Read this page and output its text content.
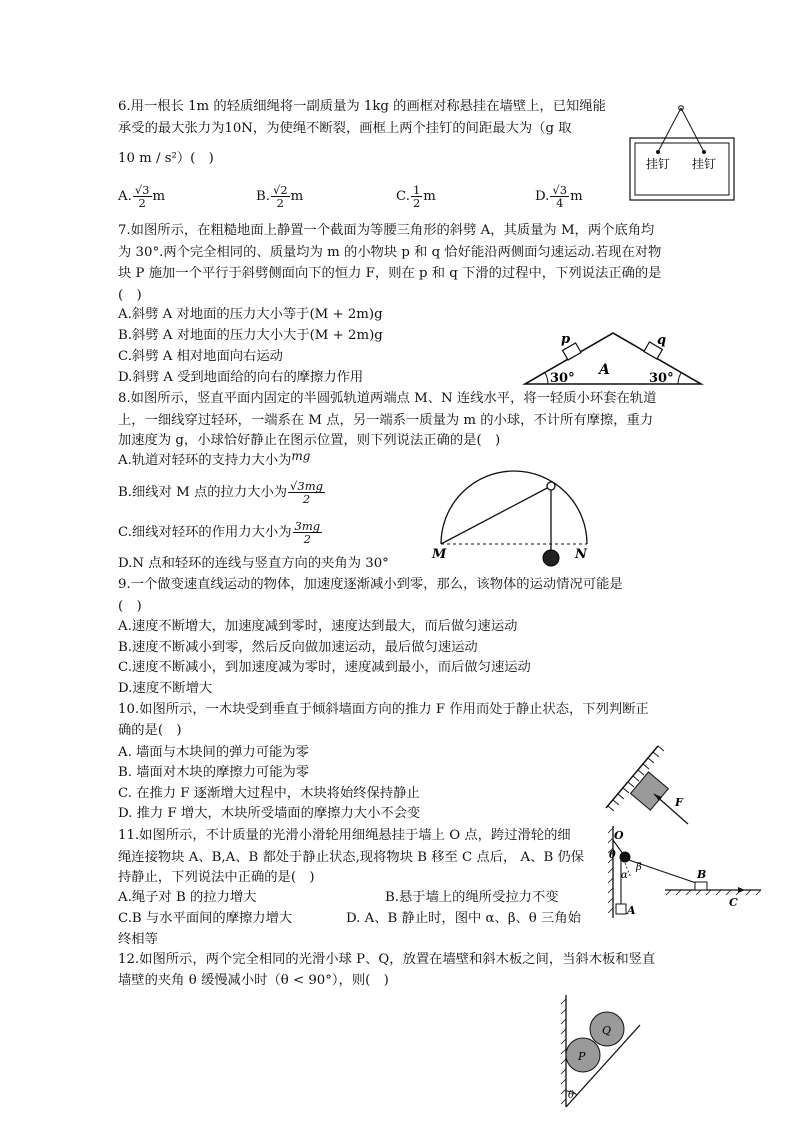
6.用一根长 1m 的轻质细绳将一副质量为 1kg 的画框对称悬挂在墙壁上，已知绳能
承受的最大张力为10N，为使绳不断裂，画框上两个挂钉的间距最大为（g 取
10 m / s²）(　)	挂钉 挂钉
A. $\frac{√3}{2}$ m	B. $\frac{√2}{2}$ m	C. $\frac{1}{2}$ m	D. $\frac{√3}{4}$ m
7.如图所示，在粗糙地面上静置一个截面为等腰三角形的斜劈 A，其质量为 M，两个底角均
为 30°.两个完全相同的、质量均为 m 的小物块 p 和 q 恰好能沿两侧面匀速运动.若现在对物
块 P 施加一个平行于斜劈侧面向下的恒力 F，则在 p 和 q 下滑的过程中，下列说法正确的是
(　)
A.斜劈 A 对地面的压力大小等于(M + 2m)g
B.斜劈 A 对地面的压力大小大于(M + 2m)g
C.斜劈 A 相对地面向右运动
D.斜劈 A 受到地面给的向右的摩擦力作用
p	q
A
30°	30°
8.如图所示，竖直平面内固定的半圆弧轨道两端点 M、N 连线水平，将一轻质小环套在轨道
上，一细线穿过轻环，一端系在 M 点，另一端系一质量为 m 的小球，不计所有摩擦，重力
加速度为 g，小球恰好静止在图示位置，则下列说法正确的是(　)
A.轨道对轻环的支持力大小为mg
B.细线对 M 点的拉力大小为 $\frac{√3mg}{2}$
C.细线对轻环的作用力大小为 $\frac{3mg}{2}$
D.N 点和轻环的连线与竖直方向的夹角为 30°
M	N
9.一个做变速直线运动的物体，加速度逐渐减小到零，那么，该物体的运动情况可能是
(　)
A.速度不断增大，加速度减到零时，速度达到最大，而后做匀速运动
B.速度不断减小到零，然后反向做加速运动，最后做匀速运动
C.速度不断减小，到加速度减为零时，速度减到最小，而后做匀速运动
D.速度不断增大
10.如图所示，一木块受到垂直于倾斜墙面方向的推力 F 作用而处于静止状态，下列判断正
确的是(　)
A. 墙面与木块间的弹力可能为零
B. 墙面对木块的摩擦力可能为零
C. 在推力 F 逐渐增大过程中，木块将始终保持静止
D. 推力 F 增大，木块所受墙面的摩擦力大小不会变
F
11.如图所示，不计质量的光滑小滑轮用细绳悬挂于墙上 O 点，跨过滑轮的细
绳连接物块 A、B,A、B 都处于静止状态,现将物块 B 移至 C 点后， A、B 仍保
持静止，下列说法中正确的是(　)
A.绳子对 B 的拉力增大	B.悬于墙上的绳所受拉力不变
C.B 与水平面间的摩擦力增大	D. A、B 静止时，图中 α、β、θ 三角始
终相等
O
θ
α
β
A
B
C
12.如图所示，两个完全相同的光滑小球 P、Q，放置在墙壁和斜木板之间，当斜木板和竖直
墙壁的夹角 θ 缓慢减小时（θ < 90°），则(　)
P
Q
θ
